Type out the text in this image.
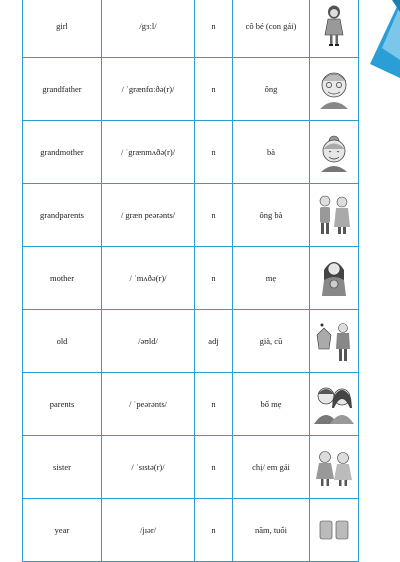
girl	/gɜːl/	n	cô bé (con gái)	

grandfather	/ ˈgrænfɑːðə(r)/	n	ông	

grandmother	/ ˈgrænmʌðə(r)/	n	bà	

grandparents	/ græn peərənts/	n	ông bà	

mother	/ ˈmʌðə(r)/	n	mẹ	

old	/əʊld/	adj	già, cũ	

parents	/ ˈpeərənts/	n	bố mẹ	

sister	/ ˈsɪstə(r)/	n	chị/ em gái	

year	/jɪər/	n	năm, tuổi	
